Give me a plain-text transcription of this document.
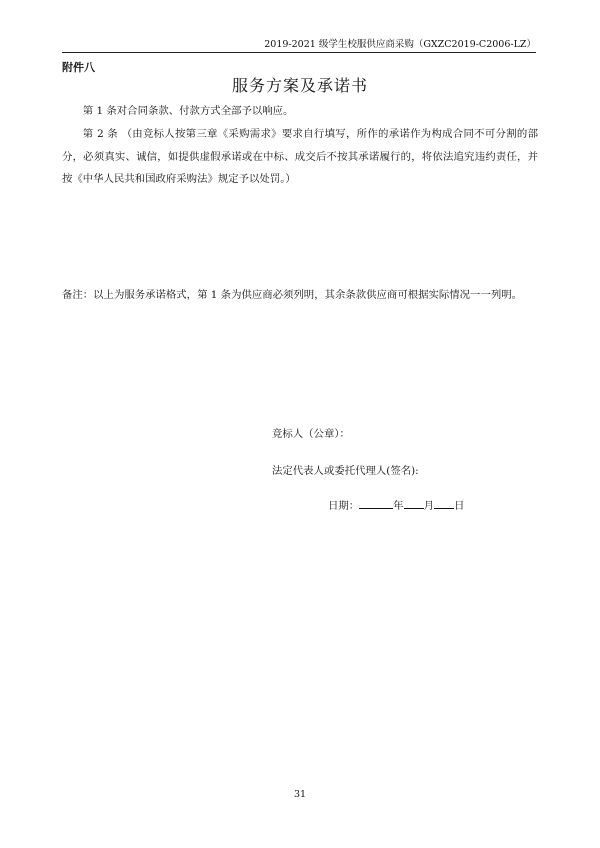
2019-2021 级学生校服供应商采购（GXZC2019-C2006-LZ）
附件八
服务方案及承诺书
第 1 条对合同条款、付款方式全部予以响应。
第 2 条 （由竞标人按第三章《采购需求》要求自行填写，所作的承诺作为构成合同不可分割的部分，必须真实、诚信，如提供虚假承诺或在中标、成交后不按其承诺履行的，将依法追究违约责任，并按《中华人民共和国政府采购法》规定予以处罚。）
备注：以上为服务承诺格式，第 1 条为供应商必须列明，其余条款供应商可根据实际情况一一列明。
竞标人（公章）：
法定代表人或委托代理人(签名):
日期：	年 月 日
31
